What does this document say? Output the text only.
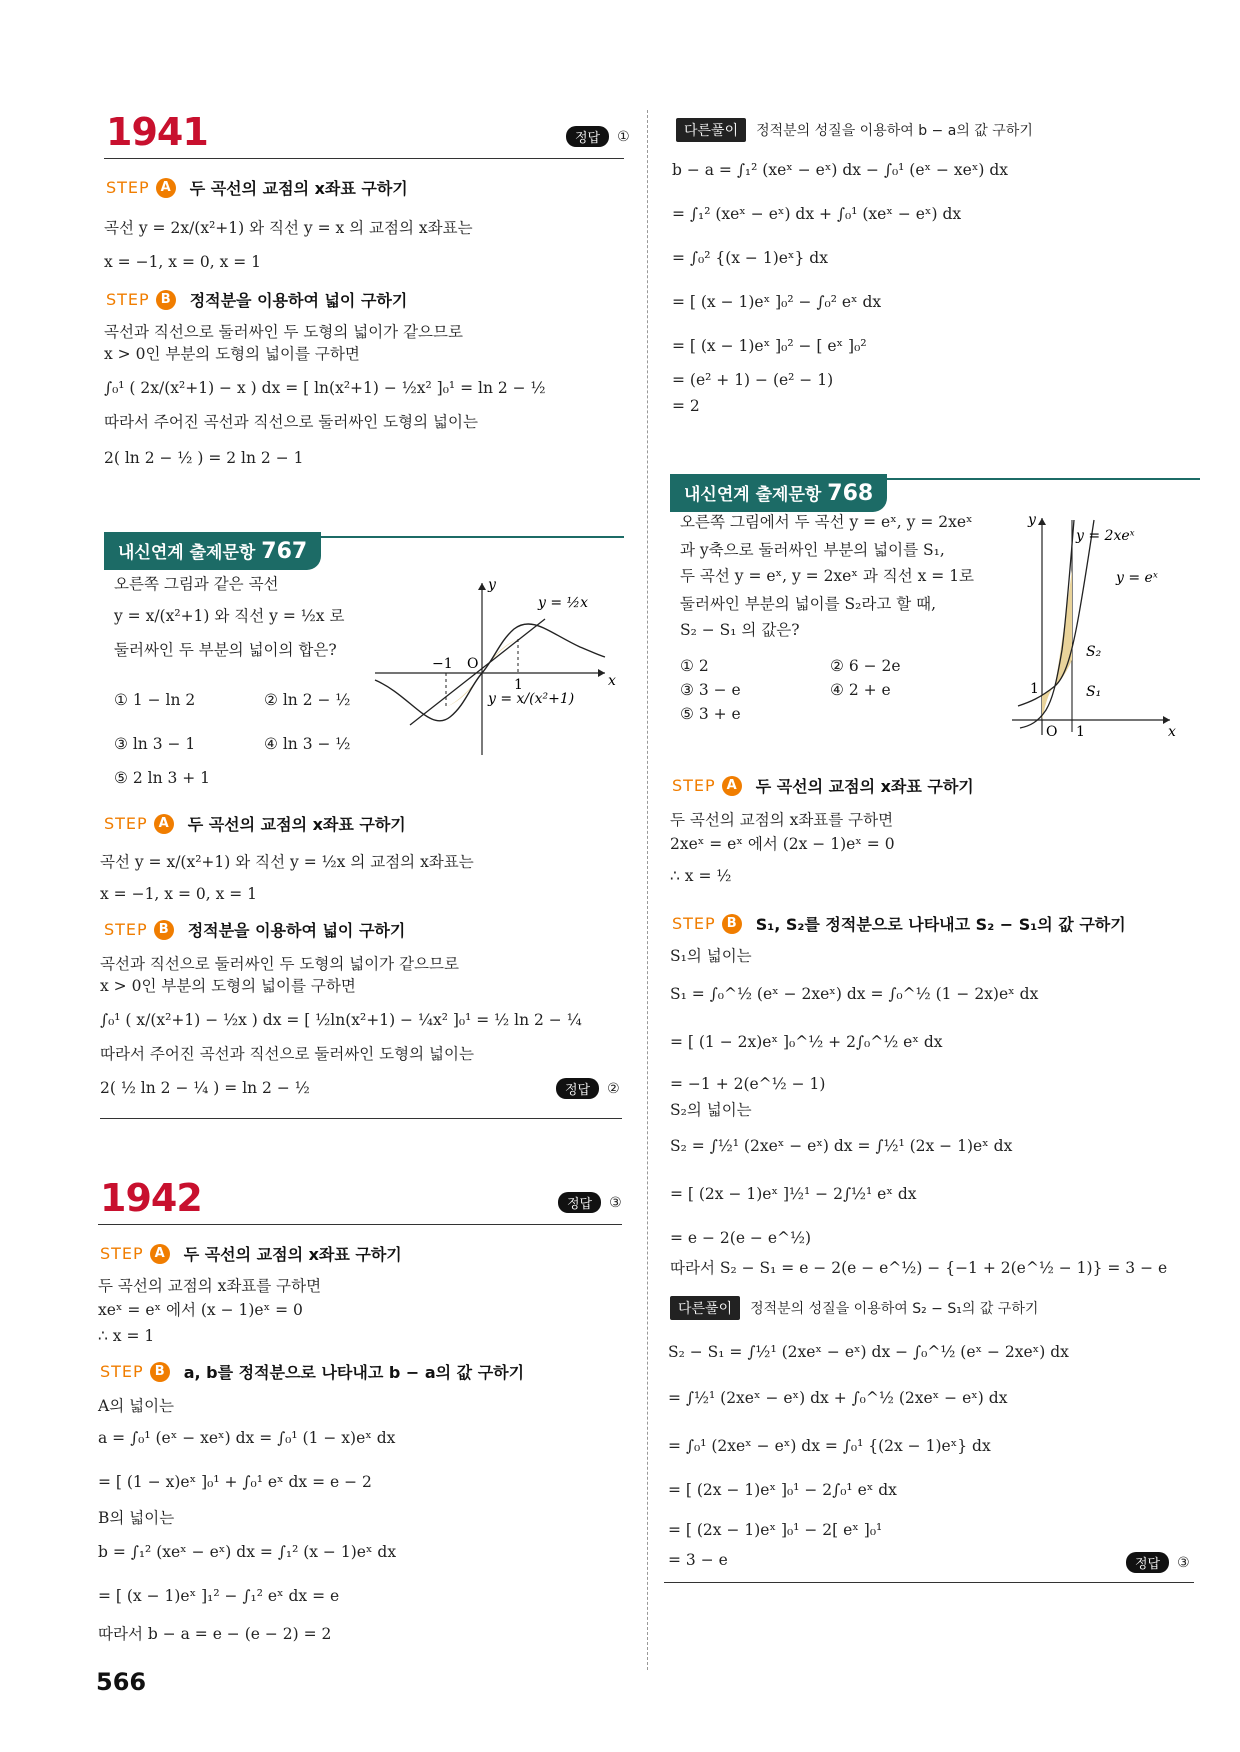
1941	정답	①
STEP A	두 곡선의 교점의 x좌표 구하기
곡선 y = 2x/(x²+1) 와 직선 y = x 의 교점의 x좌표는
x = −1, x = 0, x = 1
STEP B	정적분을 이용하여 넓이 구하기
곡선과 직선으로 둘러싸인 두 도형의 넓이가 같으므로
x > 0인 부분의 도형의 넓이를 구하면
∫₀¹ ( 2x/(x²+1) − x ) dx = [ ln(x²+1) − ½x² ]₀¹ = ln 2 − ½
따라서 주어진 곡선과 직선으로 둘러싸인 도형의 넓이는
2( ln 2 − ½ ) = 2 ln 2 − 1
내신연계 출제문항 767
오른쪽 그림과 같은 곡선
y = x/(x²+1) 와 직선 y = ½x 로
둘러싸인 두 부분의 넓이의 합은?
① 1 − ln 2	② ln 2 − ½
③ ln 3 − 1	④ ln 3 − ½
⑤ 2 ln 3 + 1
y
x
O
−1
1
y = ½x
y = x/(x²+1)
STEP A	두 곡선의 교점의 x좌표 구하기
곡선 y = x/(x²+1) 와 직선 y = ½x 의 교점의 x좌표는
x = −1, x = 0, x = 1
STEP B	정적분을 이용하여 넓이 구하기
곡선과 직선으로 둘러싸인 두 도형의 넓이가 같으므로
x > 0인 부분의 도형의 넓이를 구하면
∫₀¹ ( x/(x²+1) − ½x ) dx = [ ½ln(x²+1) − ¼x² ]₀¹ = ½ ln 2 − ¼
따라서 주어진 곡선과 직선으로 둘러싸인 도형의 넓이는
2( ½ ln 2 − ¼ ) = ln 2 − ½	정답	②
1942	정답	③
STEP A	두 곡선의 교점의 x좌표 구하기
두 곡선의 교점의 x좌표를 구하면
xeˣ = eˣ 에서 (x − 1)eˣ = 0
∴ x = 1
STEP B	a, b를 정적분으로 나타내고 b − a의 값 구하기
A의 넓이는
a = ∫₀¹ (eˣ − xeˣ) dx = ∫₀¹ (1 − x)eˣ dx
= [ (1 − x)eˣ ]₀¹ + ∫₀¹ eˣ dx = e − 2
B의 넓이는
b = ∫₁² (xeˣ − eˣ) dx = ∫₁² (x − 1)eˣ dx
= [ (x − 1)eˣ ]₁² − ∫₁² eˣ dx = e
따라서 b − a = e − (e − 2) = 2
566
다른풀이	정적분의 성질을 이용하여 b − a의 값 구하기
b − a = ∫₁² (xeˣ − eˣ) dx − ∫₀¹ (eˣ − xeˣ) dx
= ∫₁² (xeˣ − eˣ) dx + ∫₀¹ (xeˣ − eˣ) dx
= ∫₀² {(x − 1)eˣ} dx
= [ (x − 1)eˣ ]₀² − ∫₀² eˣ dx
= [ (x − 1)eˣ ]₀² − [ eˣ ]₀²
= (e² + 1) − (e² − 1)
= 2
내신연계 출제문항 768
오른쪽 그림에서 두 곡선 y = eˣ, y = 2xeˣ
과 y축으로 둘러싸인 부분의 넓이를 S₁,
두 곡선 y = eˣ, y = 2xeˣ 과 직선 x = 1로
둘러싸인 부분의 넓이를 S₂라고 할 때,
S₂ − S₁ 의 값은?
① 2	② 6 − 2e
③ 3 − e	④ 2 + e
⑤ 3 + e
y
x
O 1
1
y = 2xeˣ
y = eˣ
S₂
S₁
STEP A	두 곡선의 교점의 x좌표 구하기
두 곡선의 교점의 x좌표를 구하면
2xeˣ = eˣ 에서 (2x − 1)eˣ = 0
∴ x = ½
STEP B	S₁, S₂를 정적분으로 나타내고 S₂ − S₁의 값 구하기
S₁의 넓이는
S₁ = ∫₀^½ (eˣ − 2xeˣ) dx = ∫₀^½ (1 − 2x)eˣ dx
= [ (1 − 2x)eˣ ]₀^½ + 2∫₀^½ eˣ dx
= −1 + 2(e^½ − 1)
S₂의 넓이는
S₂ = ∫½¹ (2xeˣ − eˣ) dx = ∫½¹ (2x − 1)eˣ dx
= [ (2x − 1)eˣ ]½¹ − 2∫½¹ eˣ dx
= e − 2(e − e^½)
따라서 S₂ − S₁ = e − 2(e − e^½) − {−1 + 2(e^½ − 1)} = 3 − e
다른풀이	정적분의 성질을 이용하여 S₂ − S₁의 값 구하기
S₂ − S₁ = ∫½¹ (2xeˣ − eˣ) dx − ∫₀^½ (eˣ − 2xeˣ) dx
= ∫½¹ (2xeˣ − eˣ) dx + ∫₀^½ (2xeˣ − eˣ) dx
= ∫₀¹ (2xeˣ − eˣ) dx = ∫₀¹ {(2x − 1)eˣ} dx
= [ (2x − 1)eˣ ]₀¹ − 2∫₀¹ eˣ dx
= [ (2x − 1)eˣ ]₀¹ − 2[ eˣ ]₀¹
= 3 − e	정답	③
